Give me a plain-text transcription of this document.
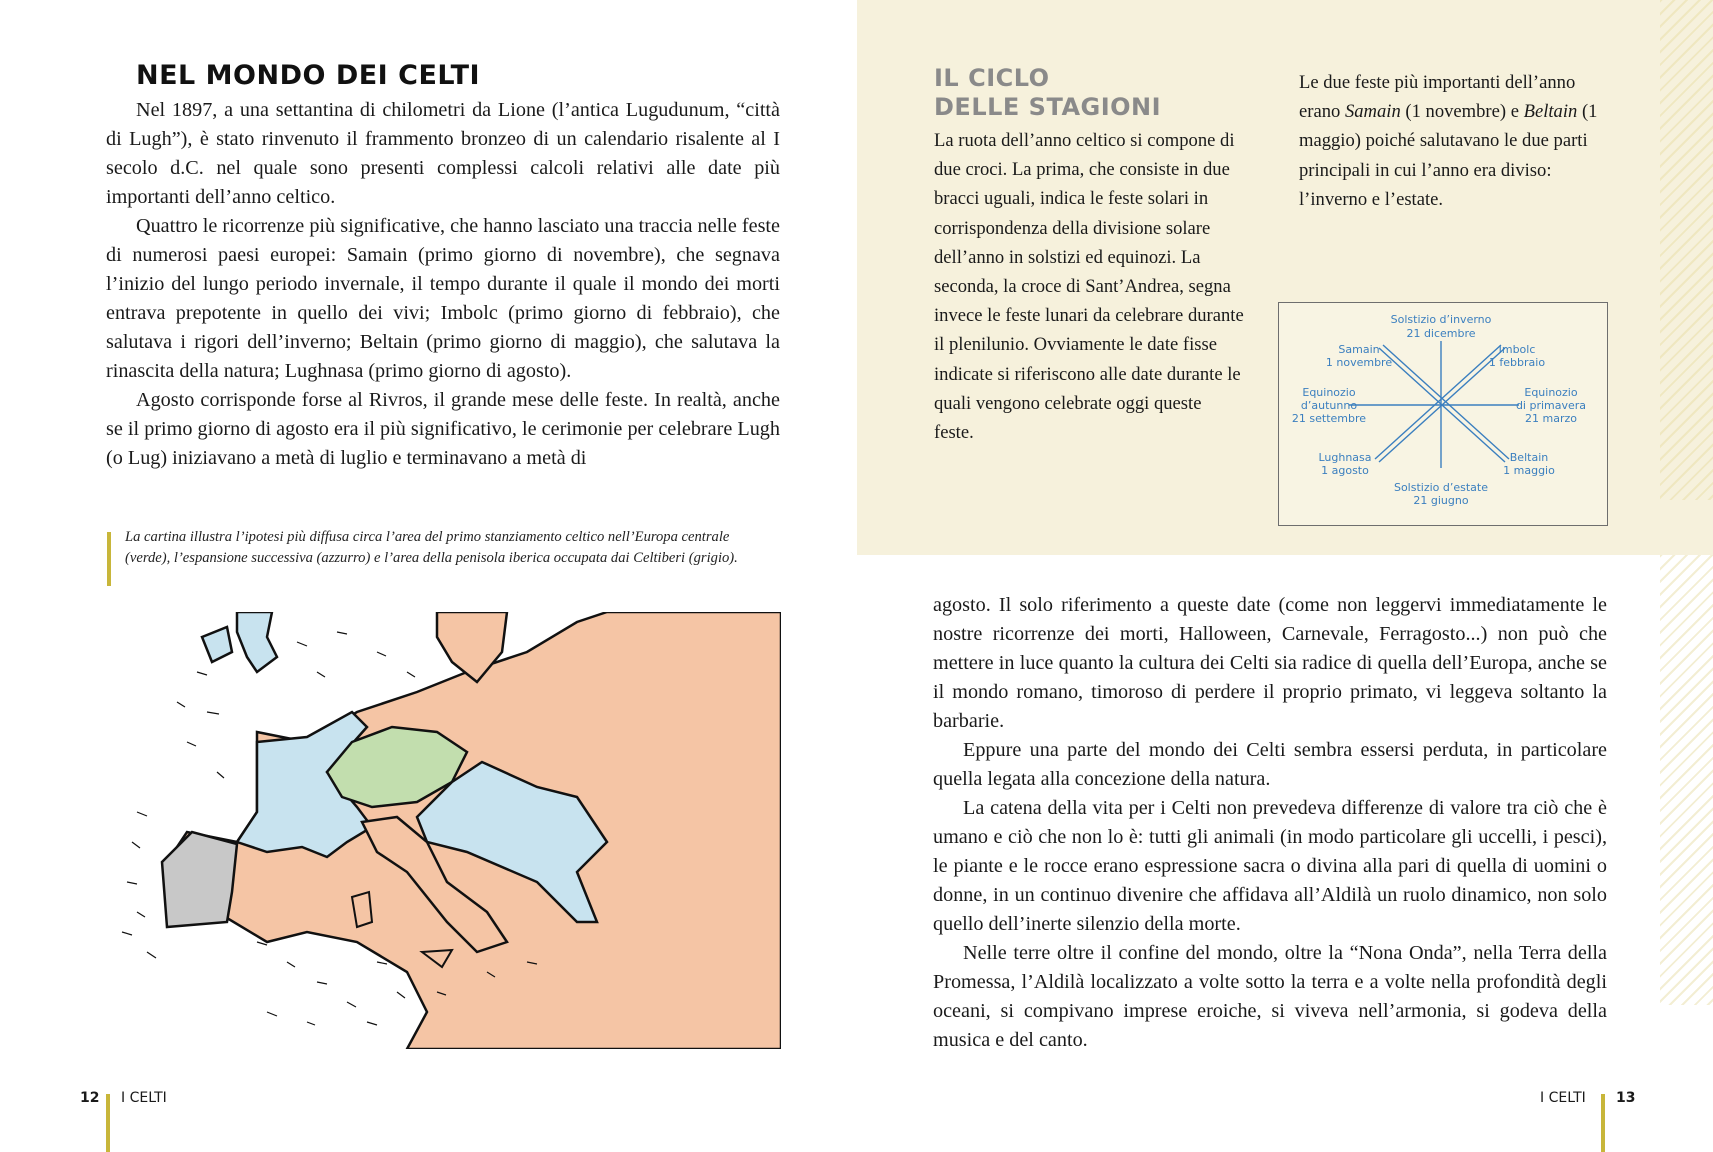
NEL MONDO DEI CELTI

Nel 1897, a una settantina di chilometri da Lione (l’antica Lugudunum, “città di Lugh”), è stato rinvenuto il frammento bronzeo di un calendario risalente al I secolo d.C. nel quale sono presenti complessi calcoli relativi alle date più importanti dell’anno celtico.

Quattro le ricorrenze più significative, che hanno lasciato una traccia nelle feste di numerosi paesi europei: Samain (primo giorno di novembre), che segnava l’inizio del lungo periodo invernale, il tempo durante il quale il mondo dei morti entrava prepotente in quello dei vivi; Imbolc (primo giorno di febbraio), che salutava i rigori dell’inverno; Beltain (primo giorno di maggio), che salutava la rinascita della natura; Lughnasa (primo giorno di agosto).

Agosto corrisponde forse al Rivros, il grande mese delle feste. In realtà, anche se il primo giorno di agosto era il più significativo, le cerimonie per celebrare Lugh (o Lug) iniziavano a metà di luglio e terminavano a metà di

La cartina illustra l’ipotesi più diffusa circa l’area del primo stanziamento celtico nell’Europa centrale (verde), l’espansione successiva (azzurro) e l’area della penisola iberica occupata dai Celtiberi (grigio).
12 I CELTI
IL CICLO
DELLE STAGIONI
La ruota dell’anno celtico si compone di due croci. La prima, che consiste in due bracci uguali, indica le feste solari in corrispondenza della divisione solare dell’anno in solstizi ed equinozi. La seconda, la croce di Sant’Andrea, segna invece le feste lunari da celebrare durante il plenilunio. Ovviamente le date fisse indicate si riferiscono alle date durante le quali vengono celebrate oggi queste feste.
Le due feste più importanti dell’anno erano Samain (1 novembre) e Beltain (1 maggio) poiché salutavano le due parti principali in cui l’anno era diviso: l’inverno e l’estate.
Solstizio d’inverno
21 dicembre
Samain
1 novembre
Imbolc
1 febbraio
Equinozio
d’autunno
21 settembre
Equinozio
di primavera
21 marzo
Lughnasa
1 agosto
Beltain
1 maggio
Solstizio d’estate
21 giugno

agosto. Il solo riferimento a queste date (come non leggervi immediatamente le nostre ricorrenze dei morti, Halloween, Carnevale, Ferragosto...) non può che mettere in luce quanto la cultura dei Celti sia radice di quella dell’Europa, anche se il mondo romano, timoroso di perdere il proprio primato, vi leggeva soltanto la barbarie.

Eppure una parte del mondo dei Celti sembra essersi perduta, in particolare quella legata alla concezione della natura.

La catena della vita per i Celti non prevedeva differenze di valore tra ciò che è umano e ciò che non lo è: tutti gli animali (in modo particolare gli uccelli, i pesci), le piante e le rocce erano espressione sacra o divina alla pari di quella di uomini o donne, in un continuo divenire che affidava all’Aldilà un ruolo dinamico, non solo quello dell’inerte silenzio della morte.

Nelle terre oltre il confine del mondo, oltre la “Nona Onda”, nella Terra della Promessa, l’Aldilà localizzato a volte sotto la terra e a volte nella profondità degli oceani, si compivano imprese eroiche, si viveva nell’armonia, si godeva della musica e del canto.

I CELTI 13
